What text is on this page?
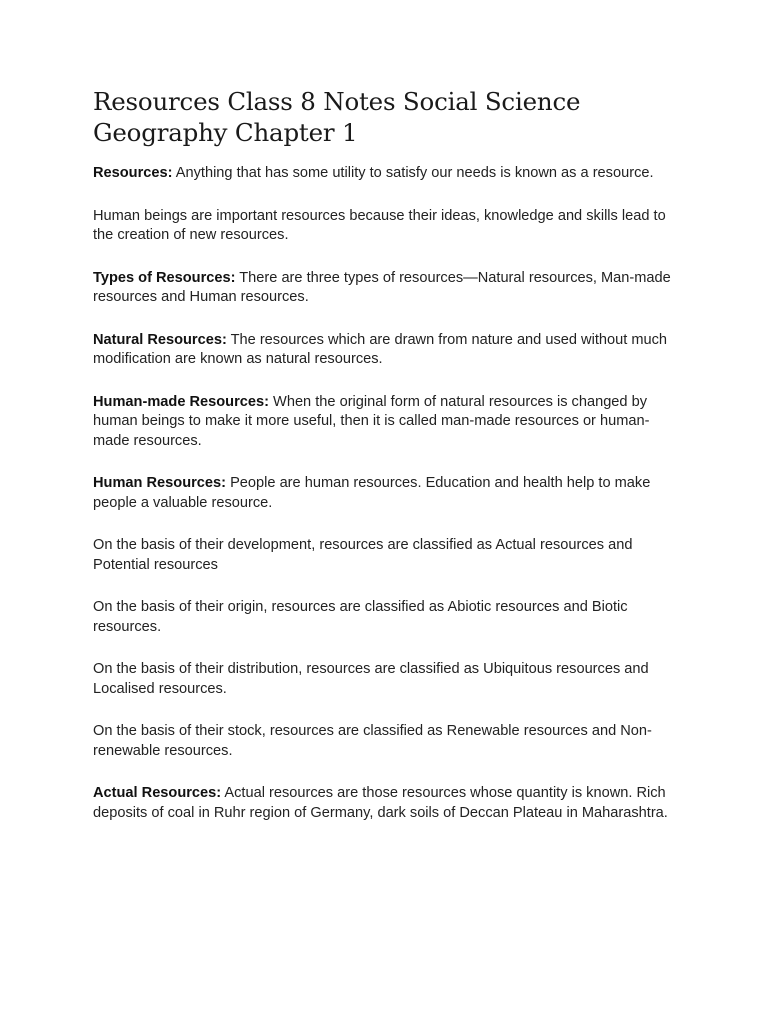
Resources Class 8 Notes Social Science Geography Chapter 1

Resources: Anything that has some utility to satisfy our needs is known as a resource.

Human beings are important resources because their ideas, knowledge and skills lead to the creation of new resources.

Types of Resources: There are three types of resources—Natural resources, Man-made resources and Human resources.

Natural Resources: The resources which are drawn from nature and used without much modification are known as natural resources.

Human-made Resources: When the original form of natural resources is changed by human beings to make it more useful, then it is called man-made resources or human-made resources.

Human Resources: People are human resources. Education and health help to make people a valuable resource.

On the basis of their development, resources are classified as Actual resources and Potential resources

On the basis of their origin, resources are classified as Abiotic resources and Biotic resources.

On the basis of their distribution, resources are classified as Ubiquitous resources and Localised resources.

On the basis of their stock, resources are classified as Renewable resources and Non-renewable resources.

Actual Resources: Actual resources are those resources whose quantity is known. Rich deposits of coal in Ruhr region of Germany, dark soils of Deccan Plateau in Maharashtra.
